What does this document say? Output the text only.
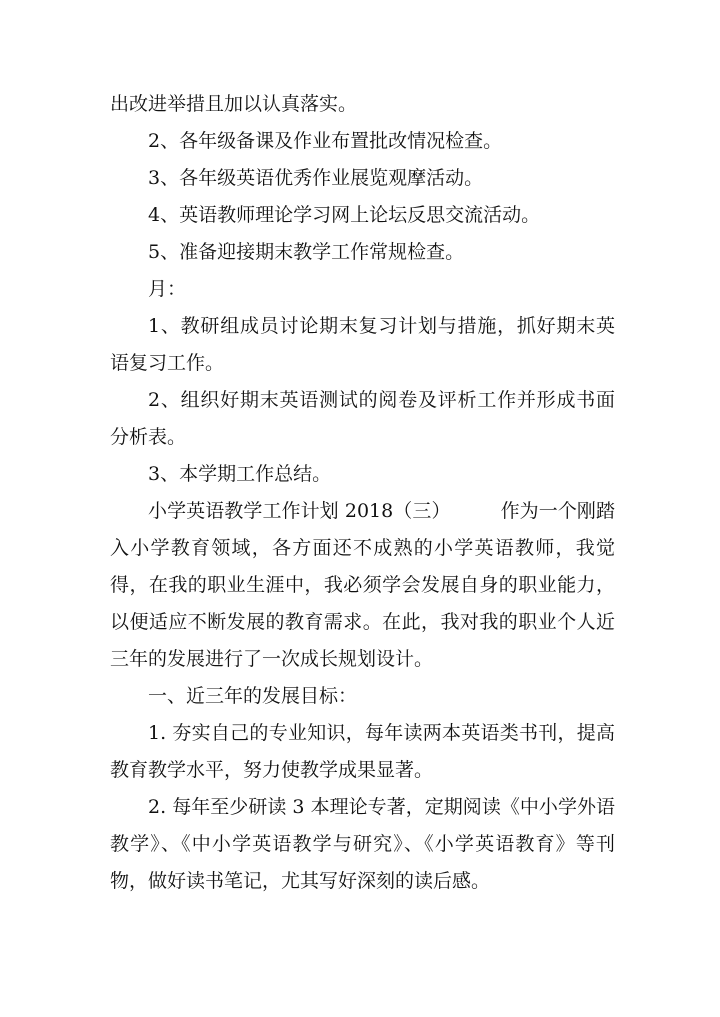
出改进举措且加以认真落实。

2、各年级备课及作业布置批改情况检查。

3、各年级英语优秀作业展览观摩活动。

4、英语教师理论学习网上论坛反思交流活动。

5、准备迎接期末教学工作常规检查。

月：

1、教研组成员讨论期末复习计划与措施，抓好期末英语复习工作。

2、组织好期末英语测试的阅卷及评析工作并形成书面分析表。

3、本学期工作总结。

小学英语教学工作计划 2018（三）	作为一个刚踏入小学教育领域，各方面还不成熟的小学英语教师，我觉得，在我的职业生涯中，我必须学会发展自身的职业能力，以便适应不断发展的教育需求。在此，我对我的职业个人近三年的发展进行了一次成长规划设计。

一、近三年的发展目标：

1. 夯实自己的专业知识，每年读两本英语类书刊，提高教育教学水平，努力使教学成果显著。

2. 每年至少研读 3 本理论专著，定期阅读《中小学外语教学》、《中小学英语教学与研究》、《小学英语教育》等刊物，做好读书笔记，尤其写好深刻的读后感。
